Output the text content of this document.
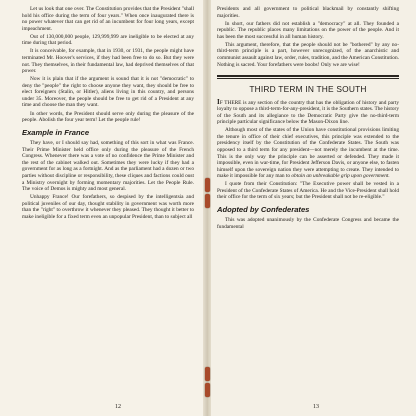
Let us look that one over. The Constitution provides that the President "shall hold his office during the term of four years." When once inaugurated there is no power whatever that can get rid of an incumbent for four long years, except impeachment.

Out of 130,000,000 people, 129,999,999 are ineligible to be elected at any time during that period.

It is conceivable, for example, that in 1930, or 1931, the people might have terminated Mr. Hoover's services, if they had been free to do so. But they were not. They themselves, in their fundamental law, had deprived themselves of that power.

Now it is plain that if the argument is sound that it is not "democratic" to deny the "people" the right to choose anyone they want, they should be free to elect foreigners (Stalin, or Hitler), aliens living in this country, and persons under 35. Moreover, the people should be free to get rid of a President at any time and choose the man they want.

In other words, the President should serve only during the pleasure of the people. Abolish the four year term! Let the people rule!

Example in France

They have, or I should say had, something of this sort in what was France. Their Prime Minister held office only during the pleasure of the French Congress. Whenever there was a vote of no confidence the Prime Minister and the rest of the cabinet walked out. Sometimes they were lucky if they had a government for as long as a fortnight. And as the parliament had a dozen or two parties without discipline or responsibility, these cliques and factions could oust a Ministry overnight by forming momentary majorities. Let the People Rule. The voice of Demos is mighty and most general.

Unhappy France! Our forefathers, so despised by the intelligentsia and political juveniles of our day, thought stability in government was worth more than the "right" to overthrow it whenever they pleased. They thought it better to make ineligible for a fixed term even an unpopular President, than to subject all

12

Presidents and all government to political blackmail by constantly shifting majorities.

In short, our fathers did not establish a "democracy" at all. They founded a republic. The republic places many limitations on the power of the people. And it has been the most successful in all human history.

This argument, therefore, that the people should not be "bothered" by any no-third-term principle is a part, however unrecognized, of the anarchistic and communist assault against law, order, rules, tradition, and the American Constitution. Nothing is sacred. Your forefathers were boobs! Only we are wise!

THIRD TERM IN THE SOUTH

IF THERE is any section of the country that has the obligation of history and party loyalty to oppose a third-term-for-any-president, it is the Southern states. The history of the South and its allegiance to the Democratic Party give the no-third-term principle particular significance below the Mason-Dixon line.

Although most of the states of the Union have constitutional provisions limiting the tenure in office of their chief executives, this principle was extended to the presidency itself by the Constitution of the Confederate States. The South was opposed to a third term for any president—not merely the incumbent at the time. This is the only way the principle can be asserted or defended. They made it impossible, even in war-time, for President Jefferson Davis, or anyone else, to fasten himself upon the sovereign nation they were attempting to create. They intended to make it impossible for any man to obtain an unbreakable grip upon government.

I quote from their Constitution: "The Executive power shall be vested in a President of the Confederate States of America. He and the Vice-President shall hold their office for the term of six years; but the President shall not be re-eligible."

Adopted by Confederates

This was adopted unanimously by the Confederate Congress and became the fundamental

13
